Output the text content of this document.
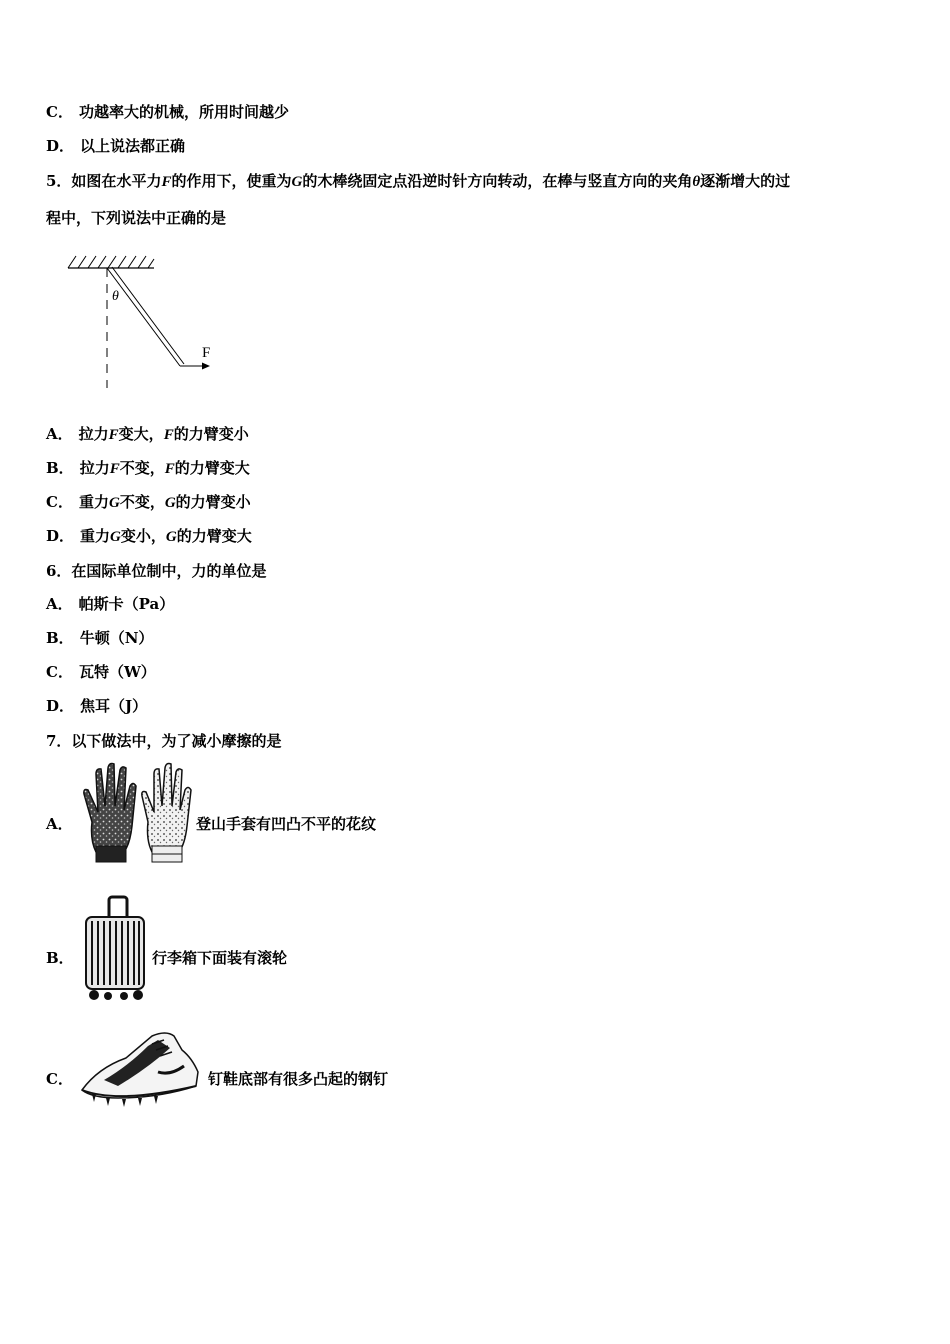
C． 功越率大的机械，所用时间越少
D． 以上说法都正确
5．如图在水平力F的作用下，使重为G的木棒绕固定点沿逆时针方向转动，在棒与竖直方向的夹角θ逐渐增大的过
程中，下列说法中正确的是
θ
F
A． 拉力F变大，F的力臂变小
B． 拉力F不变，F的力臂变大
C． 重力G不变，G的力臂变小
D． 重力G变小，G的力臂变大
6．在国际单位制中，力的单位是
A． 帕斯卡（Pa）
B． 牛顿（N）
C． 瓦特（W）
D． 焦耳（J）
7．以下做法中，为了减小摩擦的是
A．	登山手套有凹凸不平的花纹
B．	行李箱下面装有滚轮
C．	钉鞋底部有很多凸起的钢钉
